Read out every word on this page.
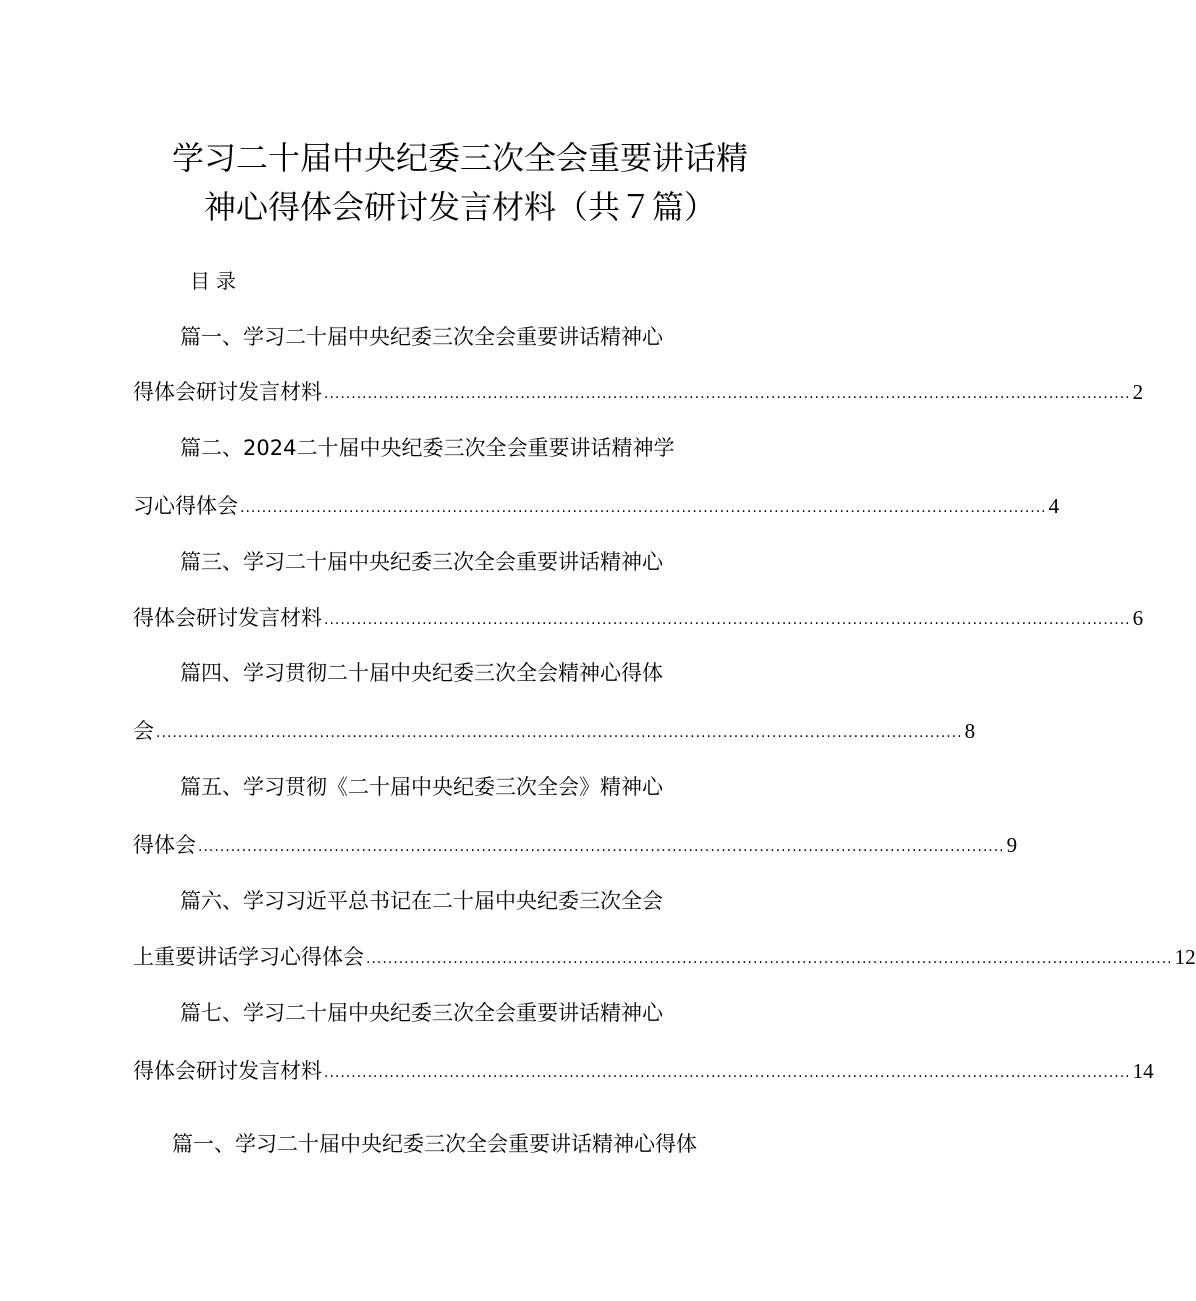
学习二十届中央纪委三次全会重要讲话精
神心得体会研讨发言材料（共７篇）
目录
篇一、学习二十届中央纪委三次全会重要讲话精神心
得体会研讨发言材料 .................................................................................................................................................... 2
篇二、2024二十届中央纪委三次全会重要讲话精神学
习心得体会 .................................................................................................................................................... 4
篇三、学习二十届中央纪委三次全会重要讲话精神心
得体会研讨发言材料 .................................................................................................................................................... 6
篇四、学习贯彻二十届中央纪委三次全会精神心得体
会 .................................................................................................................................................... 8
篇五、学习贯彻《二十届中央纪委三次全会》精神心
得体会 .................................................................................................................................................... 9
篇六、学习习近平总书记在二十届中央纪委三次全会
上重要讲话学习心得体会 .................................................................................................................................................... 12
篇七、学习二十届中央纪委三次全会重要讲话精神心
得体会研讨发言材料 .................................................................................................................................................... 14
篇一、学习二十届中央纪委三次全会重要讲话精神心得体
